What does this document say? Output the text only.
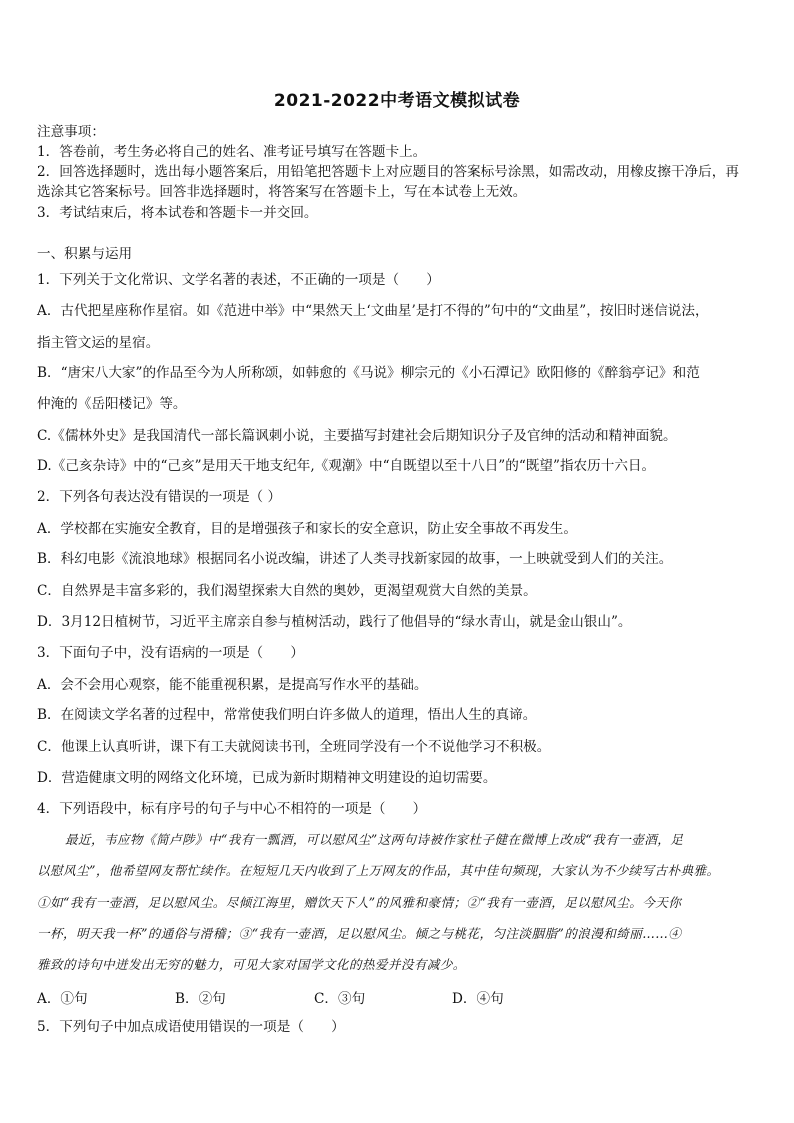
2021-2022中考语文模拟试卷
注意事项：
1．答卷前，考生务必将自己的姓名、准考证号填写在答题卡上。
2．回答选择题时，选出每小题答案后，用铅笔把答题卡上对应题目的答案标号涂黑，如需改动，用橡皮擦干净后，再
选涂其它答案标号。回答非选择题时，将答案写在答题卡上，写在本试卷上无效。
3．考试结束后，将本试卷和答题卡一并交回。
一、积累与运用
1．下列关于文化常识、文学名著的表述，不正确的一项是（　　）
A．古代把星座称作星宿。如《范进中举》中“果然天上‘文曲星’是打不得的”句中的“文曲星”，按旧时迷信说法，
指主管文运的星宿。
B．“唐宋八大家”的作品至今为人所称颂，如韩愈的《马说》柳宗元的《小石潭记》欧阳修的《醉翁亭记》和范
仲淹的《岳阳楼记》等。
C.《儒林外史》是我国清代一部长篇讽刺小说，主要描写封建社会后期知识分子及官绅的活动和精神面貌。
D.《己亥杂诗》中的“己亥”是用天干地支纪年,《观潮》中“自既望以至十八日”的“既望”指农历十六日。
2．下列各句表达没有错误的一项是（ ）
A．学校都在实施安全教育，目的是增强孩子和家长的安全意识，防止安全事故不再发生。
B．科幻电影《流浪地球》根据同名小说改编，讲述了人类寻找新家园的故事，一上映就受到人们的关注。
C．自然界是丰富多彩的，我们渴望探索大自然的奥妙，更渴望观赏大自然的美景。
D．3月12日植树节，习近平主席亲自参与植树活动，践行了他倡导的“绿水青山，就是金山银山”。
3．下面句子中，没有语病的一项是（　　）
A．会不会用心观察，能不能重视积累，是提高写作水平的基础。
B．在阅读文学名著的过程中，常常使我们明白许多做人的道理，悟出人生的真谛。
C．他课上认真听讲，课下有工夫就阅读书刊，全班同学没有一个不说他学习不积极。
D．营造健康文明的网络文化环境，已成为新时期精神文明建设的迫切需要。
4．下列语段中，标有序号的句子与中心不相符的一项是（　　）
最近，韦应物《简卢陟》中“我有一瓢酒，可以慰风尘”这两句诗被作家杜子健在微博上改成“我有一壶酒，足
以慰风尘”，他希望网友帮忙续作。在短短几天内收到了上万网友的作品，其中佳句频现，大家认为不少续写古朴典雅。
①如“我有一壶酒，足以慰风尘。尽倾江海里，赠饮天下人”的风雅和豪情；②“我有一壶酒，足以慰风尘。今天你
一杯，明天我一杯”的通俗与滑稽；③“我有一壶酒，足以慰风尘。倾之与桃花，匀注淡胭脂”的浪漫和绮丽……④
雅致的诗句中迸发出无穷的魅力，可见大家对国学文化的热爱并没有减少。
A．①句	B．②句	C．③句	D．④句
5．下列句子中加点成语使用错误的一项是（　　）
